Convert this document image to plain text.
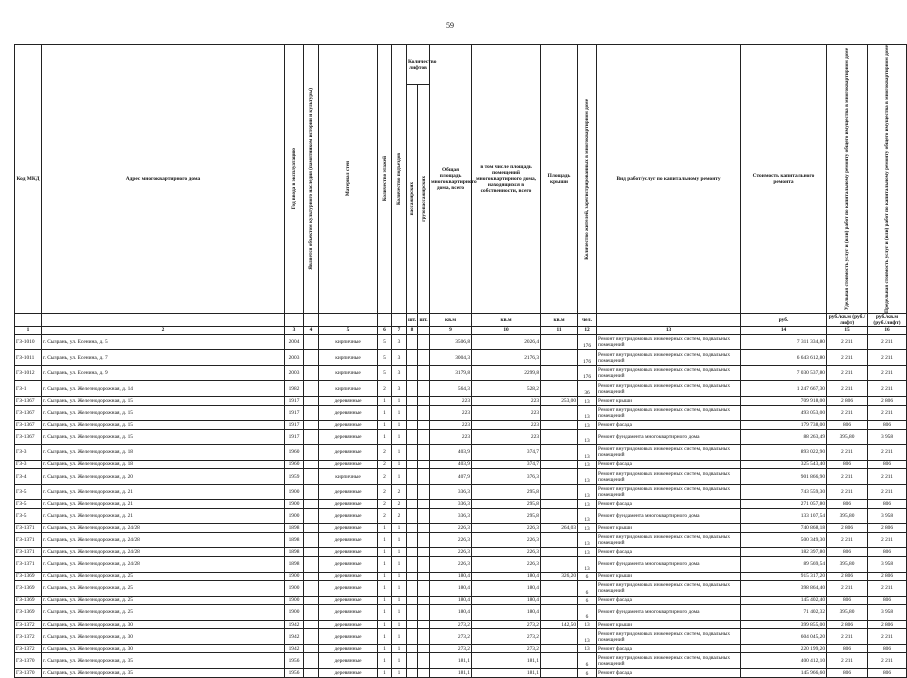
59
Код МКД	Адрес многоквартирного дома	Год ввода в эксплуатацию	Является объектом культурного наследия (памятником истории и культуры)	Материал стен	Количество этажей	Количество подъездов	Количество лифтов		Общая площадь многоквартирного дома, всего	в том числе площадь помещений многоквартирного дома, находящихся в собственности, всего	Площадь крыши	Количество жителей, зарегистрированных в многоквартирном доме	Вид работ/услуг по капитальному ремонту	Стоимость капитального ремонта	Удельная стоимость услуг и (или) работ по капитальному ремонту общего имущества в многоквартирном доме	Предельная стоимость услуг и (или) работ по капитальному ремонту общего имущества в многоквартирном доме

							пассажирских	грузопассажирских								

							шт.	шт.	кв.м	кв.м	кв.м	чел.		руб.	руб./кв.м (руб./лифт)	руб./кв.м (руб./лифт)
1	2	3	4	5	6	7	8		9	10	11	12	13	14	15	16
ГЗ-1010	г. Сызрань, ул. Есенина, д. 5	2004		кирпичные	5	3			3506,8	2026,4		176	Ремонт внутридомовых инженерных систем, подвальных помещений	7 311 334,80	2 211	2 211
ГЗ-1011	г. Сызрань, ул. Есенина, д. 7	2003		кирпичные	5	3			3004,3	2176,3		176	Ремонт внутридомовых инженерных систем, подвальных помещений	6 643 612,80	2 211	2 211
ГЗ-1012	г. Сызрань, ул. Есенина, д. 9	2003		кирпичные	5	3			3179,8	2299,8		176	Ремонт внутридомовых инженерных систем, подвальных помещений	7 030 537,80	2 211	2 211
ГЗ-1	г. Сызрань, ул. Железнодорожная, д. 14	1982		кирпичные	2	3			564,3	528,2		36	Ремонт внутридомовых инженерных систем, подвальных помещений	1 247 667,30	2 211	2 211
ГЗ-1367	г. Сызрань, ул. Железнодорожная, д. 15	1917		деревянные	1	1			223	223	253,00	13	Ремонт крыши	709 918,00	2 806	2 806
ГЗ-1367	г. Сызрань, ул. Железнодорожная, д. 15	1917		деревянные	1	1			223	223		13	Ремонт внутридомовых инженерных систем, подвальных помещений	493 053,00	2 211	2 211
ГЗ-1367	г. Сызрань, ул. Железнодорожная, д. 15	1917		деревянные	1	1			223	223		13	Ремонт фасада	179 738,00	806	806
ГЗ-1367	г. Сызрань, ул. Железнодорожная, д. 15	1917		деревянные	1	1			223	223		13	Ремонт фундамента многоквартирного дома	88 263,49	395,80	3 958
ГЗ-3	г. Сызрань, ул. Железнодорожная, д. 18	1960		деревянные	2	1			403,9	374,7		13	Ремонт внутридомовых инженерных систем, подвальных помещений	893 022,90	2 211	2 211
ГЗ-3	г. Сызрань, ул. Железнодорожная, д. 18	1960		деревянные	2	1			403,9	374,7		13	Ремонт фасада	325 543,40	806	806
ГЗ-4	г. Сызрань, ул. Железнодорожная, д. 20	1959		кирпичные	2	1			407,9	376,3		13	Ремонт внутридомовых инженерных систем, подвальных помещений	901 866,90	2 211	2 211
ГЗ-5	г. Сызрань, ул. Железнодорожная, д. 21	1900		деревянные	2	2			336,3	295,8		13	Ремонт внутридомовых инженерных систем, подвальных помещений	743 559,30	2 211	2 211
ГЗ-5	г. Сызрань, ул. Железнодорожная, д. 21	1900		деревянные	2	2			336,3	295,8		13	Ремонт фасада	271 057,80	806	806
ГЗ-5	г. Сызрань, ул. Железнодорожная, д. 21	1900		деревянные	2	2			336,3	295,8		13	Ремонт фундамента многоквартирного дома	133 107,54	395,80	3 958
ГЗ-1371	г. Сызрань, ул. Железнодорожная, д. 24/28	1898		деревянные	1	1			226,3	226,3	264,03	13	Ремонт крыши	740 868,18	2 806	2 806
ГЗ-1371	г. Сызрань, ул. Железнодорожная, д. 24/28	1898		деревянные	1	1			226,3	226,3		13	Ремонт внутридомовых инженерных систем, подвальных помещений	500 349,30	2 211	2 211
ГЗ-1371	г. Сызрань, ул. Железнодорожная, д. 24/28	1898		деревянные	1	1			226,3	226,3		13	Ремонт фасада	182 397,80	806	806
ГЗ-1371	г. Сызрань, ул. Железнодорожная, д. 24/28	1898		деревянные	1	1			226,3	226,3		13	Ремонт фундамента многоквартирного дома	89 569,54	395,80	3 958
ГЗ-1369	г. Сызрань, ул. Железнодорожная, д. 25	1900		деревянные	1	1			180,4	180,4	326,20	6	Ремонт крыши	915 317,20	2 806	2 806
ГЗ-1369	г. Сызрань, ул. Железнодорожная, д. 25	1900		деревянные	1	1			180,4	180,4		6	Ремонт внутридомовых инженерных систем, подвальных помещений	398 864,40	2 211	2 211
ГЗ-1369	г. Сызрань, ул. Железнодорожная, д. 25	1900		деревянные	1	1			180,4	180,4		6	Ремонт фасада	145 402,40	806	806
ГЗ-1369	г. Сызрань, ул. Железнодорожная, д. 25	1900		деревянные	1	1			180,4	180,4		6	Ремонт фундамента многоквартирного дома	71 402,32	395,80	3 958
ГЗ-1372	г. Сызрань, ул. Железнодорожная, д. 30	1942		деревянные	1	1			273,2	273,2	142,50	13	Ремонт крыши	399 855,00	2 806	2 806
ГЗ-1372	г. Сызрань, ул. Железнодорожная, д. 30	1942		деревянные	1	1			273,2	273,2		13	Ремонт внутридомовых инженерных систем, подвальных помещений	604 045,20	2 211	2 211
ГЗ-1372	г. Сызрань, ул. Железнодорожная, д. 30	1942		деревянные	1	1			273,2	273,2		13	Ремонт фасада	220 199,20	806	806
ГЗ-1370	г. Сызрань, ул. Железнодорожная, д. 35	1956		деревянные	1	1			181,1	181,1		6	Ремонт внутридомовых инженерных систем, подвальных помещений	400 412,10	2 211	2 211
ГЗ-1370	г. Сызрань, ул. Железнодорожная, д. 35	1956		деревянные	1	1			181,1	181,1		6	Ремонт фасада	145 966,60	806	806
